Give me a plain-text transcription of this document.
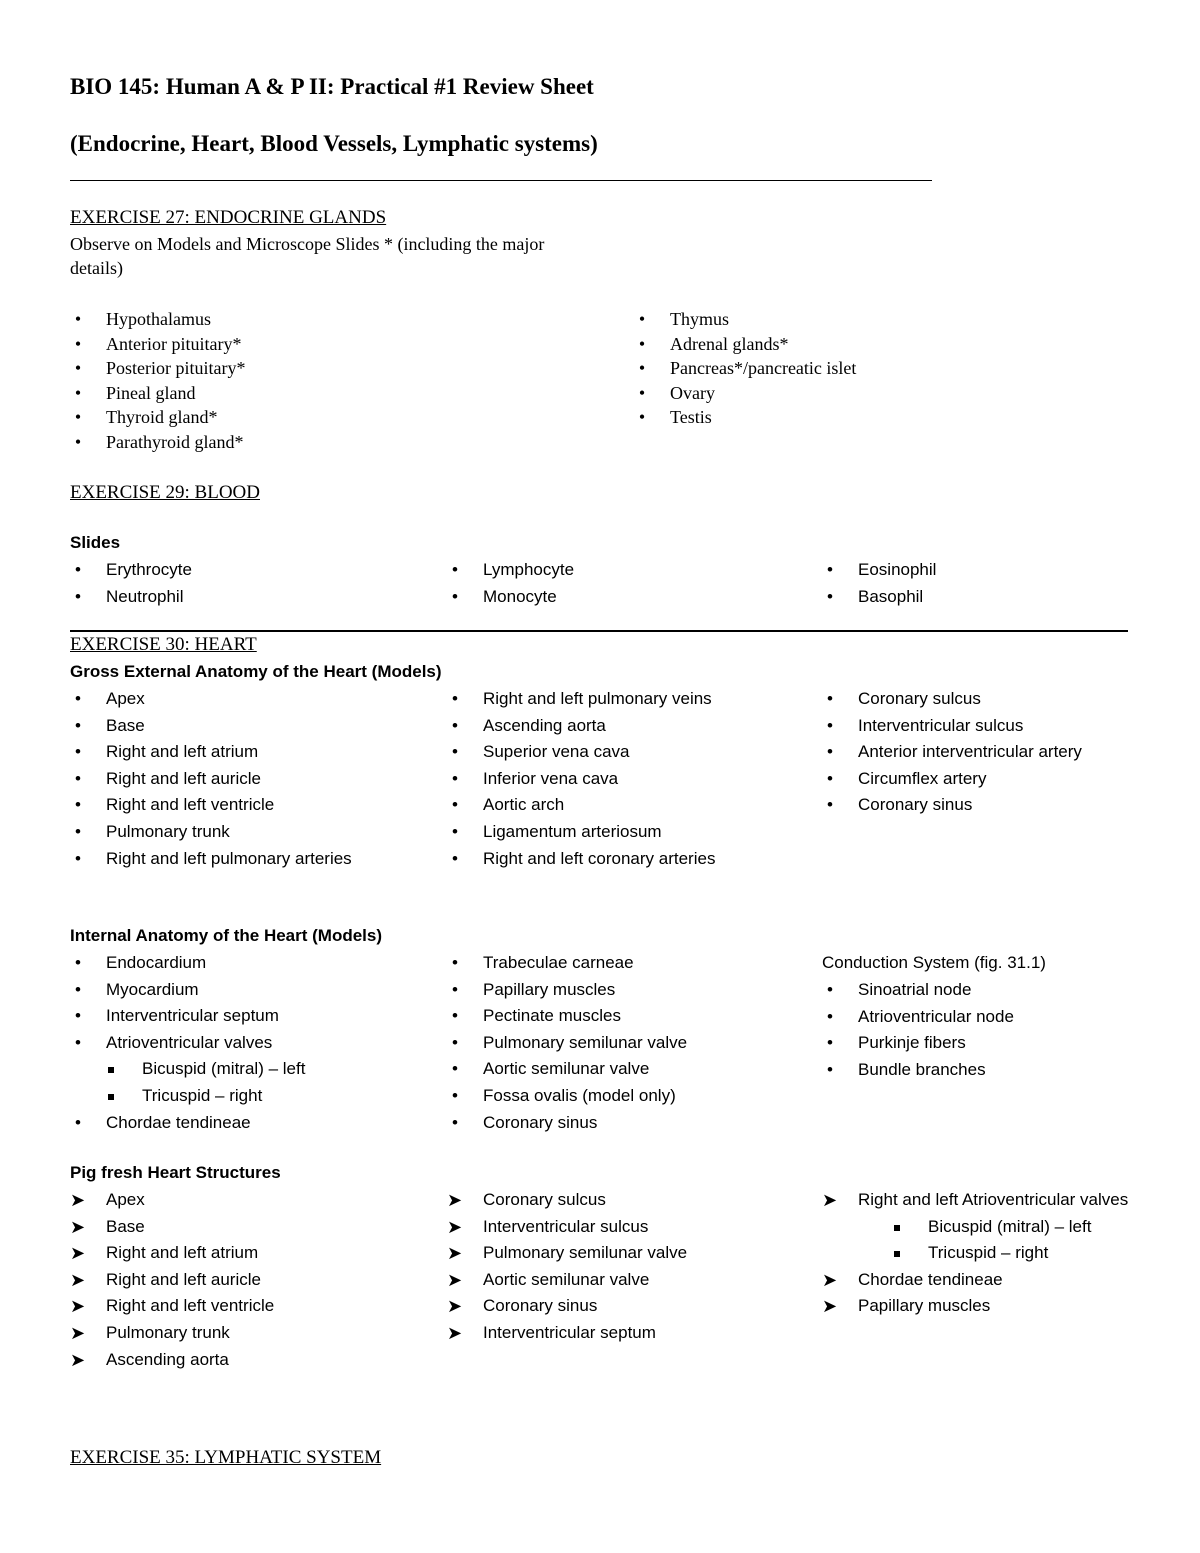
BIO 145: Human A & P II: Practical #1 Review Sheet
(Endocrine, Heart, Blood Vessels, Lymphatic systems)
EXERCISE 27: ENDOCRINE GLANDS
Observe on Models and Microscope Slides * (including the major details)
• Hypothalamus
• Anterior pituitary*
• Posterior pituitary*
• Pineal gland
• Thyroid gland*
• Parathyroid gland*
• Thymus
• Adrenal glands*
• Pancreas*/pancreatic islet
• Ovary
• Testis
EXERCISE 29: BLOOD
Slides
• Erythrocyte
• Neutrophil
• Lymphocyte
• Monocyte
• Eosinophil
• Basophil
EXERCISE 30: HEART
Gross External Anatomy of the Heart (Models)
• Apex
• Base
• Right and left atrium
• Right and left auricle
• Right and left ventricle
• Pulmonary trunk
• Right and left pulmonary arteries
• Right and left pulmonary veins
• Ascending aorta
• Superior vena cava
• Inferior vena cava
• Aortic arch
• Ligamentum arteriosum
• Right and left coronary arteries
• Coronary sulcus
• Interventricular sulcus
• Anterior interventricular artery
• Circumflex artery
• Coronary sinus
Internal Anatomy of the Heart (Models)
• Endocardium
• Myocardium
• Interventricular septum
• Atrioventricular valves
Bicuspid (mitral) – left
Tricuspid – right
• Chordae tendineae
• Trabeculae carneae
• Papillary muscles
• Pectinate muscles
• Pulmonary semilunar valve
• Aortic semilunar valve
• Fossa ovalis (model only)
• Coronary sinus
Conduction System (fig. 31.1)
• Sinoatrial node
• Atrioventricular node
• Purkinje fibers
• Bundle branches
Pig fresh Heart Structures
➤ Apex
➤ Base
➤ Right and left atrium
➤ Right and left auricle
➤ Right and left ventricle
➤ Pulmonary trunk
➤ Ascending aorta
➤ Coronary sulcus
➤ Interventricular sulcus
➤ Pulmonary semilunar valve
➤ Aortic semilunar valve
➤ Coronary sinus
➤ Interventricular septum
➤ Right and left Atrioventricular valves
Bicuspid (mitral) – left
Tricuspid – right
➤ Chordae tendineae
➤ Papillary muscles
EXERCISE 35: LYMPHATIC SYSTEM
